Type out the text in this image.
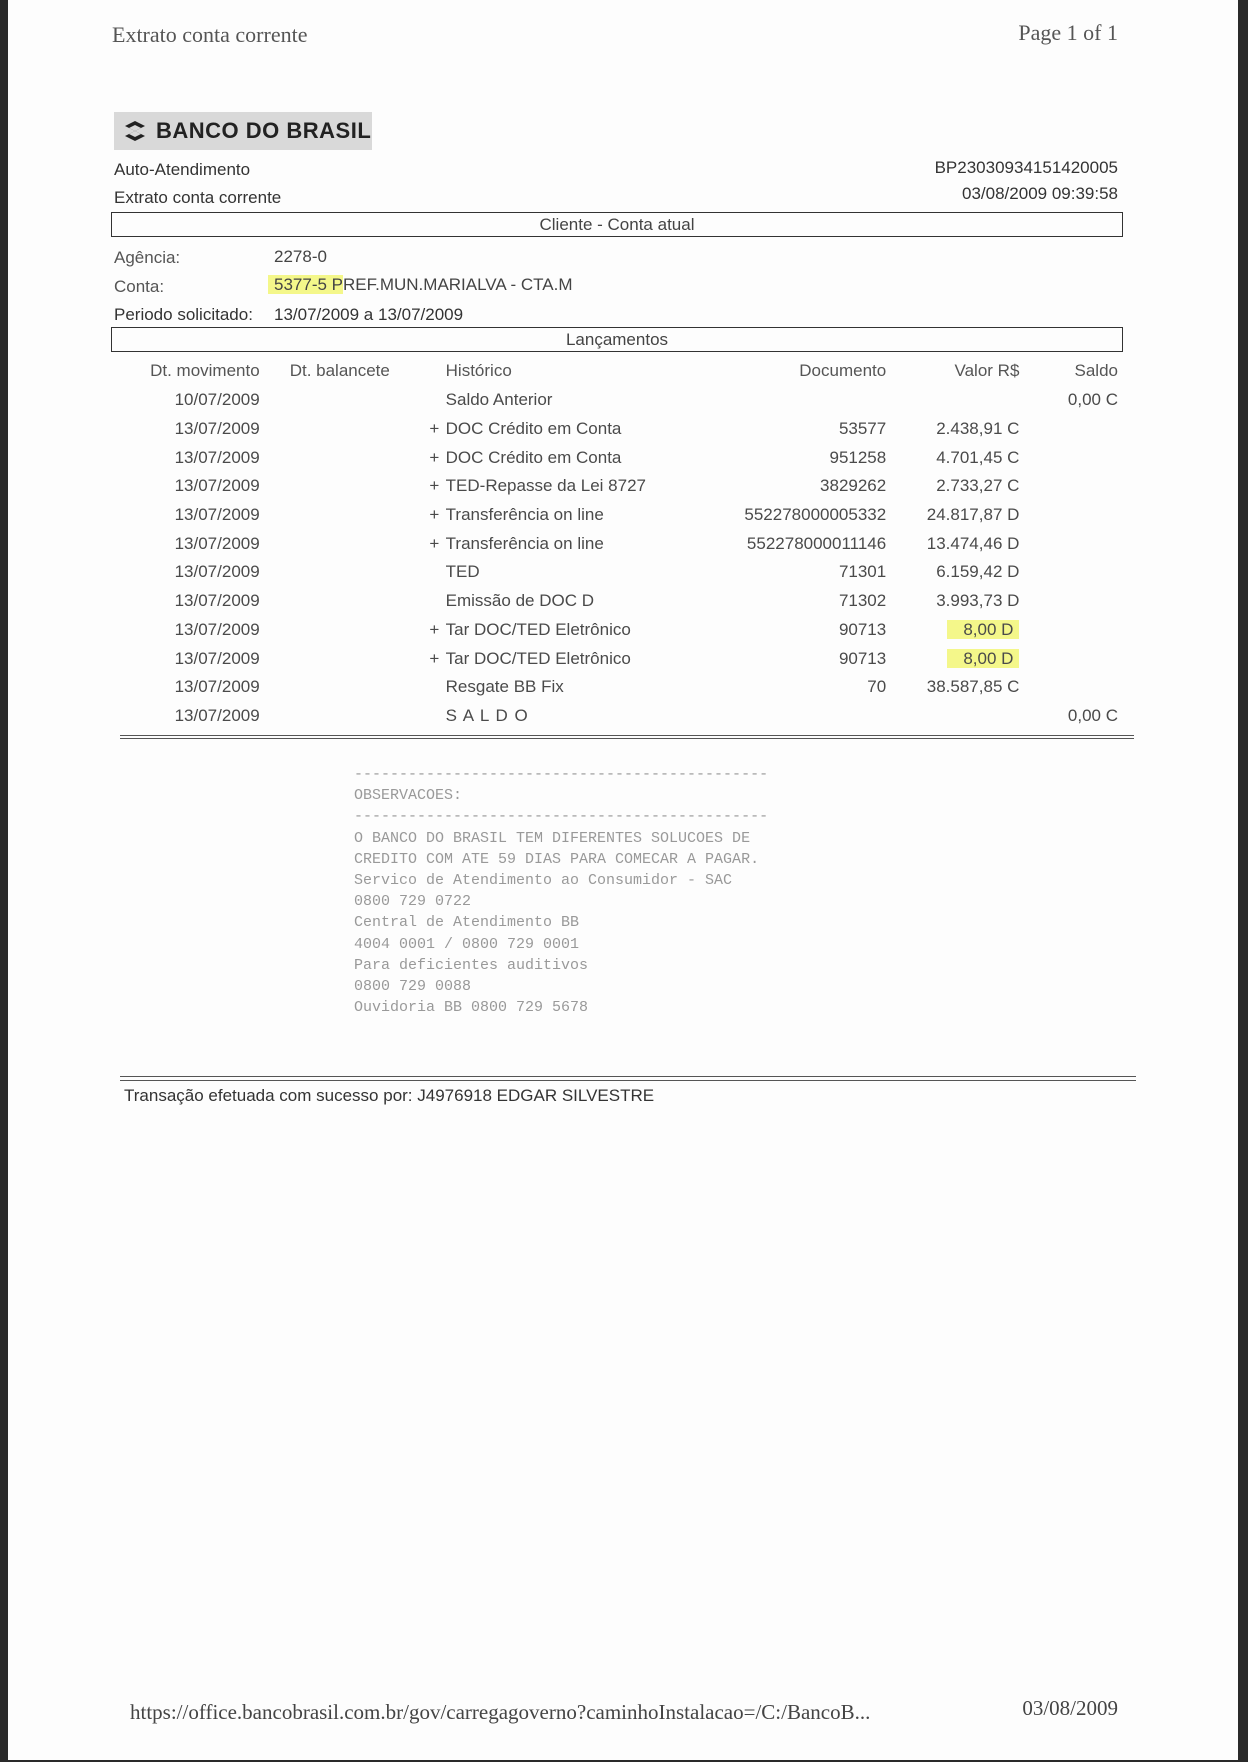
Extrato conta corrente	Page 1 of 1
BANCO DO BRASIL
Auto-Atendimento
Extrato conta corrente
BP23030934151420005
03/08/2009 09:39:58
Cliente - Conta atual
Agência:	2278-0
Conta:	5377-5 PREF.MUN.MARIALVA - CTA.M
Periodo solicitado: 13/07/2009 a 13/07/2009
Lançamentos
Dt. movimento	Dt. balancete		Histórico	Documento	Valor R$	Saldo
10/07/2009			Saldo Anterior			0,00 C
13/07/2009		+	DOC Crédito em Conta	53577	2.438,91 C	
13/07/2009		+	DOC Crédito em Conta	951258	4.701,45 C	
13/07/2009		+	TED-Repasse da Lei 8727	3829262	2.733,27 C	
13/07/2009		+	Transferência on line	552278000005332	24.817,87 D	
13/07/2009		+	Transferência on line	552278000011146	13.474,46 D	
13/07/2009			TED	71301	6.159,42 D	
13/07/2009			Emissão de DOC D	71302	3.993,73 D	
13/07/2009		+	Tar DOC/TED Eletrônico	90713	8,00 D	
13/07/2009		+	Tar DOC/TED Eletrônico	90713	8,00 D	
13/07/2009			Resgate BB Fix	70	38.587,85 C	
13/07/2009			S A L D O			0,00 C
----------------------------------------------
OBSERVACOES:
----------------------------------------------
O BANCO DO BRASIL TEM DIFERENTES SOLUCOES DE
CREDITO COM ATE 59 DIAS PARA COMECAR A PAGAR.
Servico de Atendimento ao Consumidor - SAC
0800 729 0722
Central de Atendimento BB
4004 0001 / 0800 729 0001
Para deficientes auditivos
0800 729 0088
Ouvidoria BB 0800 729 5678
Transação efetuada com sucesso por: J4976918 EDGAR SILVESTRE
https://office.bancobrasil.com.br/gov/carregagoverno?caminhoInstalacao=/C:/BancoB...	03/08/2009
